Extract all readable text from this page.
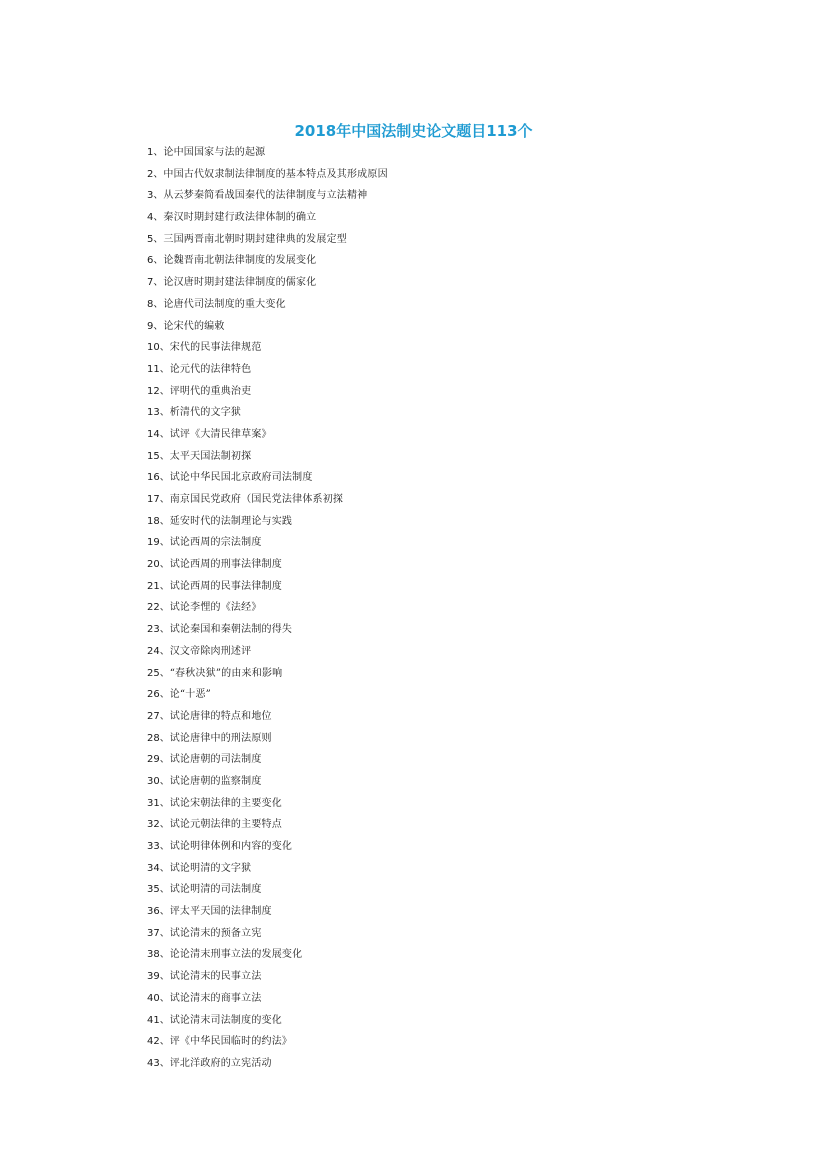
2018年中国法制史论文题目113个
1、论中国国家与法的起源
2、中国古代奴隶制法律制度的基本特点及其形成原因
3、从云梦秦简看战国秦代的法律制度与立法精神
4、秦汉时期封建行政法律体制的确立
5、三国两晋南北朝时期封建律典的发展定型
6、论魏晋南北朝法律制度的发展变化
7、论汉唐时期封建法律制度的儒家化
8、论唐代司法制度的重大变化
9、论宋代的编敕
10、宋代的民事法律规范
11、论元代的法律特色
12、评明代的重典治吏
13、析清代的文字狱
14、试评《大清民律草案》
15、太平天国法制初探
16、试论中华民国北京政府司法制度
17、南京国民党政府（国民党法律体系初探
18、延安时代的法制理论与实践
19、试论西周的宗法制度
20、试论西周的刑事法律制度
21、试论西周的民事法律制度
22、试论李悝的《法经》
23、试论秦国和秦朝法制的得失
24、汉文帝除肉刑述评
25、“春秋决狱”的由来和影响
26、论“十恶”
27、试论唐律的特点和地位
28、试论唐律中的刑法原则
29、试论唐朝的司法制度
30、试论唐朝的监察制度
31、试论宋朝法律的主要变化
32、试论元朝法律的主要特点
33、试论明律体例和内容的变化
34、试论明清的文字狱
35、试论明清的司法制度
36、评太平天国的法律制度
37、试论清末的预备立宪
38、论论清末刑事立法的发展变化
39、试论清末的民事立法
40、试论清末的商事立法
41、试论清末司法制度的变化
42、评《中华民国临时的约法》
43、评北洋政府的立宪活动
